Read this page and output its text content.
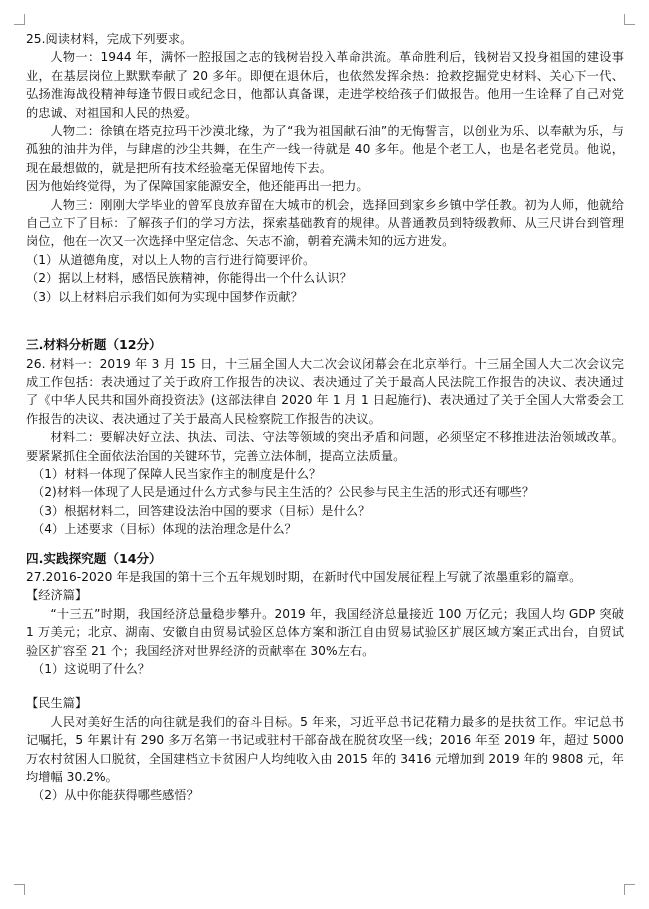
25.阅读材料，完成下列要求。

人物一：1944 年，满怀一腔报国之志的钱树岩投入革命洪流。革命胜利后，钱树岩又投身祖国的建设事业，在基层岗位上默默奉献了 20 多年。即便在退休后，也依然发挥余热：抢救挖掘党史材料、关心下一代、弘扬淮海战役精神每逢节假日或纪念日，他都认真备课，走进学校给孩子们做报告。他用一生诠释了自己对党的忠诚、对祖国和人民的热爱。

人物二：徐镇在塔克拉玛干沙漠北缘，为了“我为祖国献石油”的无悔誓言，以创业为乐、以奉献为乐，与孤独的油井为伴，与肆虐的沙尘共舞，在生产一线一待就是 40 多年。他是个老工人，也是名老党员。他说，现在最想做的，就是把所有技术经验毫无保留地传下去。

因为他始终觉得，为了保障国家能源安全，他还能再出一把力。

人物三：刚刚大学毕业的曾军良放弃留在大城市的机会，选择回到家乡乡镇中学任教。初为人师，他就给自己立下了目标：了解孩子们的学习方法，探索基础教育的规律。从普通教员到特级教师、从三尺讲台到管理岗位，他在一次又一次选择中坚定信念、矢志不渝，朝着充满未知的远方进发。

（1）从道德角度，对以上人物的言行进行简要评价。

（2）据以上材料，感悟民族精神，你能得出一个什么认识？

（3）以上材料启示我们如何为实现中国梦作贡献？

三.材料分析题（12分）

26. 材料一：2019 年 3 月 15 日，十三届全国人大二次会议闭幕会在北京举行。十三届全国人大二次会议完成工作包括：表决通过了关于政府工作报告的决议、表决通过了关于最高人民法院工作报告的决议、表决通过了《中华人民共和国外商投资法》(这部法律自 2020 年 1 月 1 日起施行)、表决通过了关于全国人大常委会工作报告的决议、表决通过了关于最高人民检察院工作报告的决议。

材料二：要解决好立法、执法、司法、守法等领域的突出矛盾和问题，必须坚定不移推进法治领域改革。要紧紧抓住全面依法治国的关键环节，完善立法体制，提高立法质量。

（1）材料一体现了保障人民当家作主的制度是什么？

（2)材料一体现了人民是通过什么方式参与民主生活的？公民参与民主生活的形式还有哪些？

（3）根据材料二，回答建设法治中国的要求（目标）是什么？

（4）上述要求（目标）体现的法治理念是什么？

四.实践探究题（14分）

27.2016-2020 年是我国的第十三个五年规划时期，在新时代中国发展征程上写就了浓墨重彩的篇章。

【经济篇】

“十三五”时期，我国经济总量稳步攀升。2019 年，我国经济总量接近 100 万亿元；我国人均 GDP 突破 1 万美元；北京、湖南、安徽自由贸易试验区总体方案和浙江自由贸易试验区扩展区域方案正式出台，自贸试验区扩容至 21 个；我国经济对世界经济的贡献率在 30%左右。

（1）这说明了什么？

【民生篇】

人民对美好生活的向往就是我们的奋斗目标。5 年来，习近平总书记花精力最多的是扶贫工作。牢记总书记嘱托，5 年累计有 290 多万名第一书记或驻村干部奋战在脱贫攻坚一线；2016 年至 2019 年，超过 5000 万农村贫困人口脱贫，全国建档立卡贫困户人均纯收入由 2015 年的 3416 元增加到 2019 年的 9808 元，年均增幅 30.2%。

（2）从中你能获得哪些感悟？
